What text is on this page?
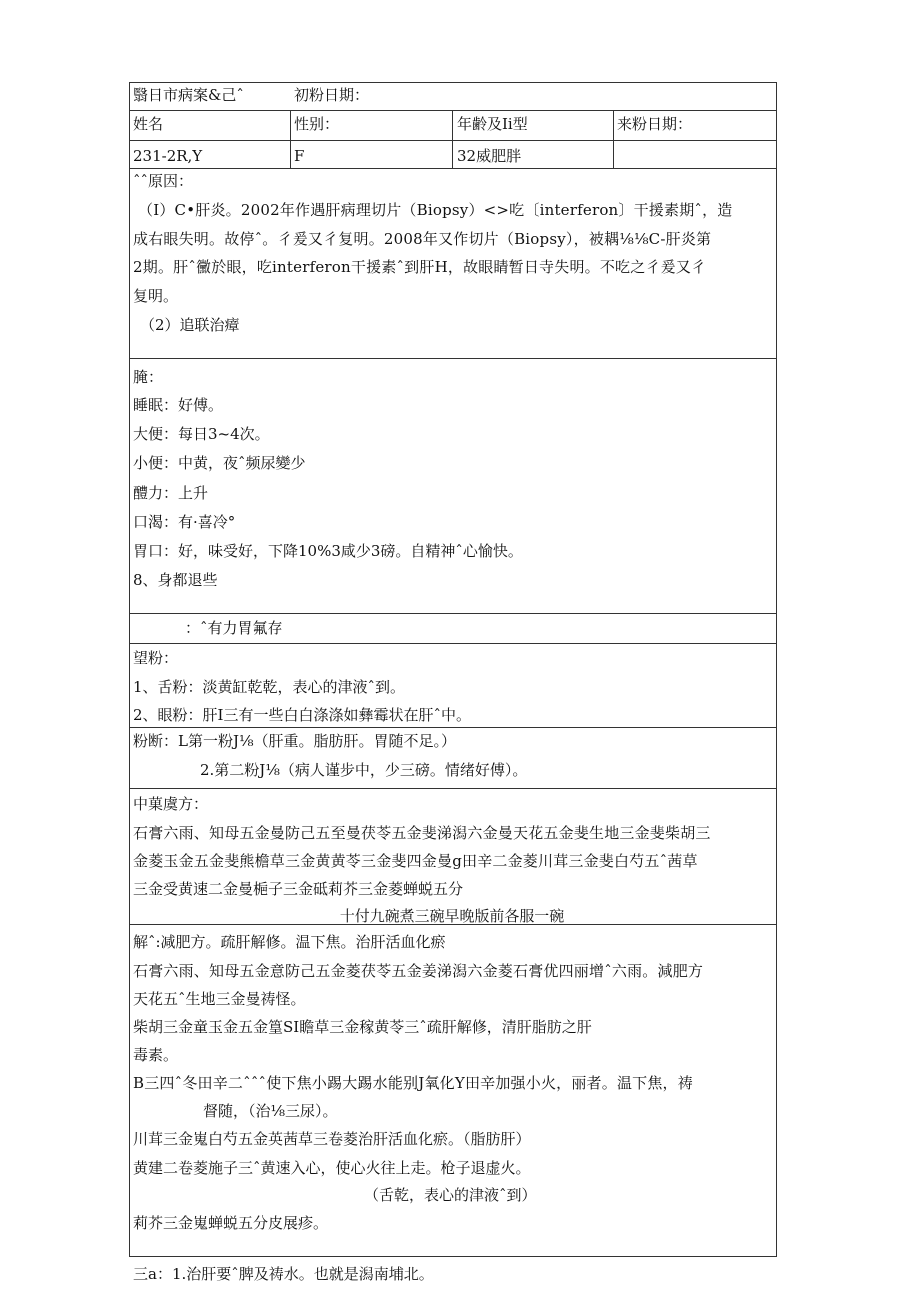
翳日市病案&己ˆ	初粉日期：
姓名	性别：	年齢及Ii型	来粉日期：
231-2R,Y	F	32威肥胖
ˆˆ原因：
（I）C•肝炎。2002年作遇肝病理切片（Biopsy）<>吃〔interferon〕干援素期ˆ，造
成右眼失明。故停ˆ。彳爰又彳复明。2008年又作切片（Biopsy），被耦⅛⅛C-肝炎第
2期。肝ˆ黴於眼，吃interferon干援素ˆ到肝H，故眼睛暂日寺失明。不吃之彳爰又彳
复明。
（2）追联治瘴
腌：
睡眠：好傅。
大便：每日3~4次。
小便：中黄，夜ˆ频尿變少
醴力：上升
口渴：有·喜冷°
胃口：好，味受好，下降10%3咸少3磅。自精神ˆ心愉快。
8、身都退些
：ˆ有力胃氟存
望粉：
1、舌粉：淡黄缸乾乾，表心的津液ˆ到。
2、眼粉：肝I三有一些白白涤涤如彝霉状在肝ˆ中。
粉断：L第一粉J⅛（肝重。脂肪肝。胃随不足。）
2.第二粉J⅛（病人谨步中，少三磅。情绪好傅）。
中菓虞方：
石膏六雨、知母五金曼防己五至曼茯苓五金斐涕潟六金曼天花五金斐生地三金斐柴胡三
金菱玉金五金斐熊檐草三金黄黄苓三金斐四金曼g田辛二金菱川茸三金斐白芍五ˆ茜草
三金受黄速二金曼梔子三金砥莉芥三金菱蝉蜕五分
十付九碗煮三碗早晚版前各服一碗
解ˆ:减肥方。疏肝解修。温下焦。治肝活血化瘀
石膏六雨、知母五金意防己五金菱茯苓五金姜涕潟六金菱石膏优四丽增ˆ六雨。減肥方
天花五ˆ生地三金曼祷怪。
柴胡三金童玉金五金篁SI瞻草三金稼黄苓三ˆ疏肝解修，清肝脂肪之肝
毒素。
B三四ˆ冬田辛二ˆˆˆ使下焦小踢大踢水能别J氧化Y田辛加强小火，丽者。温下焦，祷
督随，（治⅛三尿）。
川茸三金嵬白芍五金英茜草三卷菱治肝活血化瘀。（脂肪肝）
黄建二卷菱施子三ˆ黄速入心，使心火往上走。枪子退虚火。
（舌乾，表心的津液ˆ到）
莉芥三金嵬蝉蜕五分皮展疹。
三a：1.治肝要ˆ脾及祷水。也就是潟南埔北。
